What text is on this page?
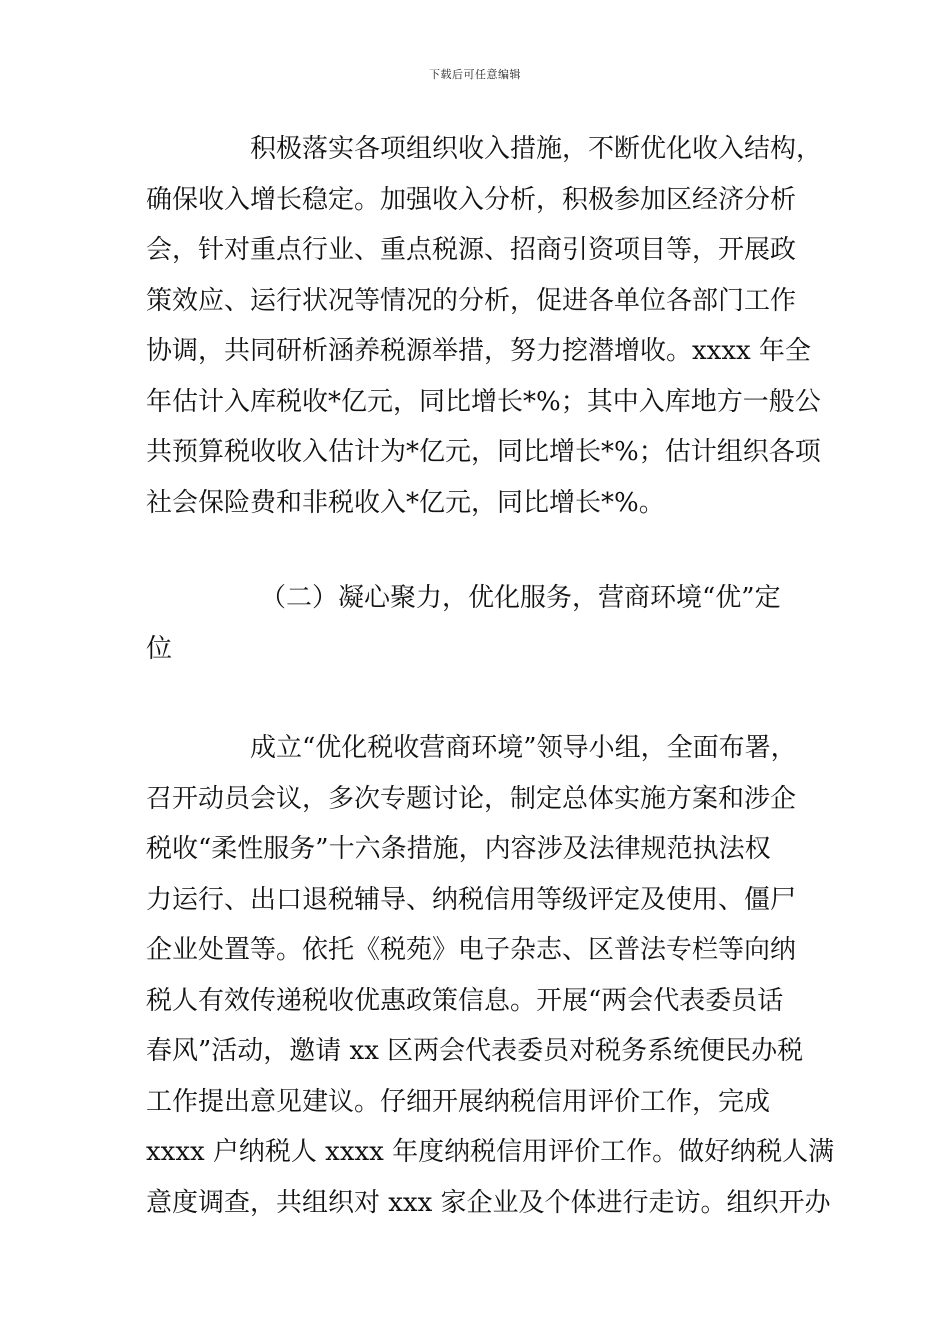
下载后可任意编辑
积极落实各项组织收入措施，不断优化收入结构，
确保收入增长稳定。加强收入分析，积极参加区经济分析
会，针对重点行业、重点税源、招商引资项目等，开展政
策效应、运行状况等情况的分析，促进各单位各部门工作
协调，共同研析涵养税源举措，努力挖潜增收。xxxx 年全
年估计入库税收*亿元，同比增长*%；其中入库地方一般公
共预算税收收入估计为*亿元，同比增长*%；估计组织各项
社会保险费和非税收入*亿元，同比增长*%。
（二）凝心聚力，优化服务，营商环境“优”定
位
成立“优化税收营商环境”领导小组，全面布署，
召开动员会议，多次专题讨论，制定总体实施方案和涉企
税收“柔性服务”十六条措施，内容涉及法律规范执法权
力运行、出口退税辅导、纳税信用等级评定及使用、僵尸
企业处置等。依托《税苑》电子杂志、区普法专栏等向纳
税人有效传递税收优惠政策信息。开展“两会代表委员话
春风”活动，邀请 xx 区两会代表委员对税务系统便民办税
工作提出意见建议。仔细开展纳税信用评价工作，完成
xxxx 户纳税人 xxxx 年度纳税信用评价工作。做好纳税人满
意度调查，共组织对 xxx 家企业及个体进行走访。组织开办
